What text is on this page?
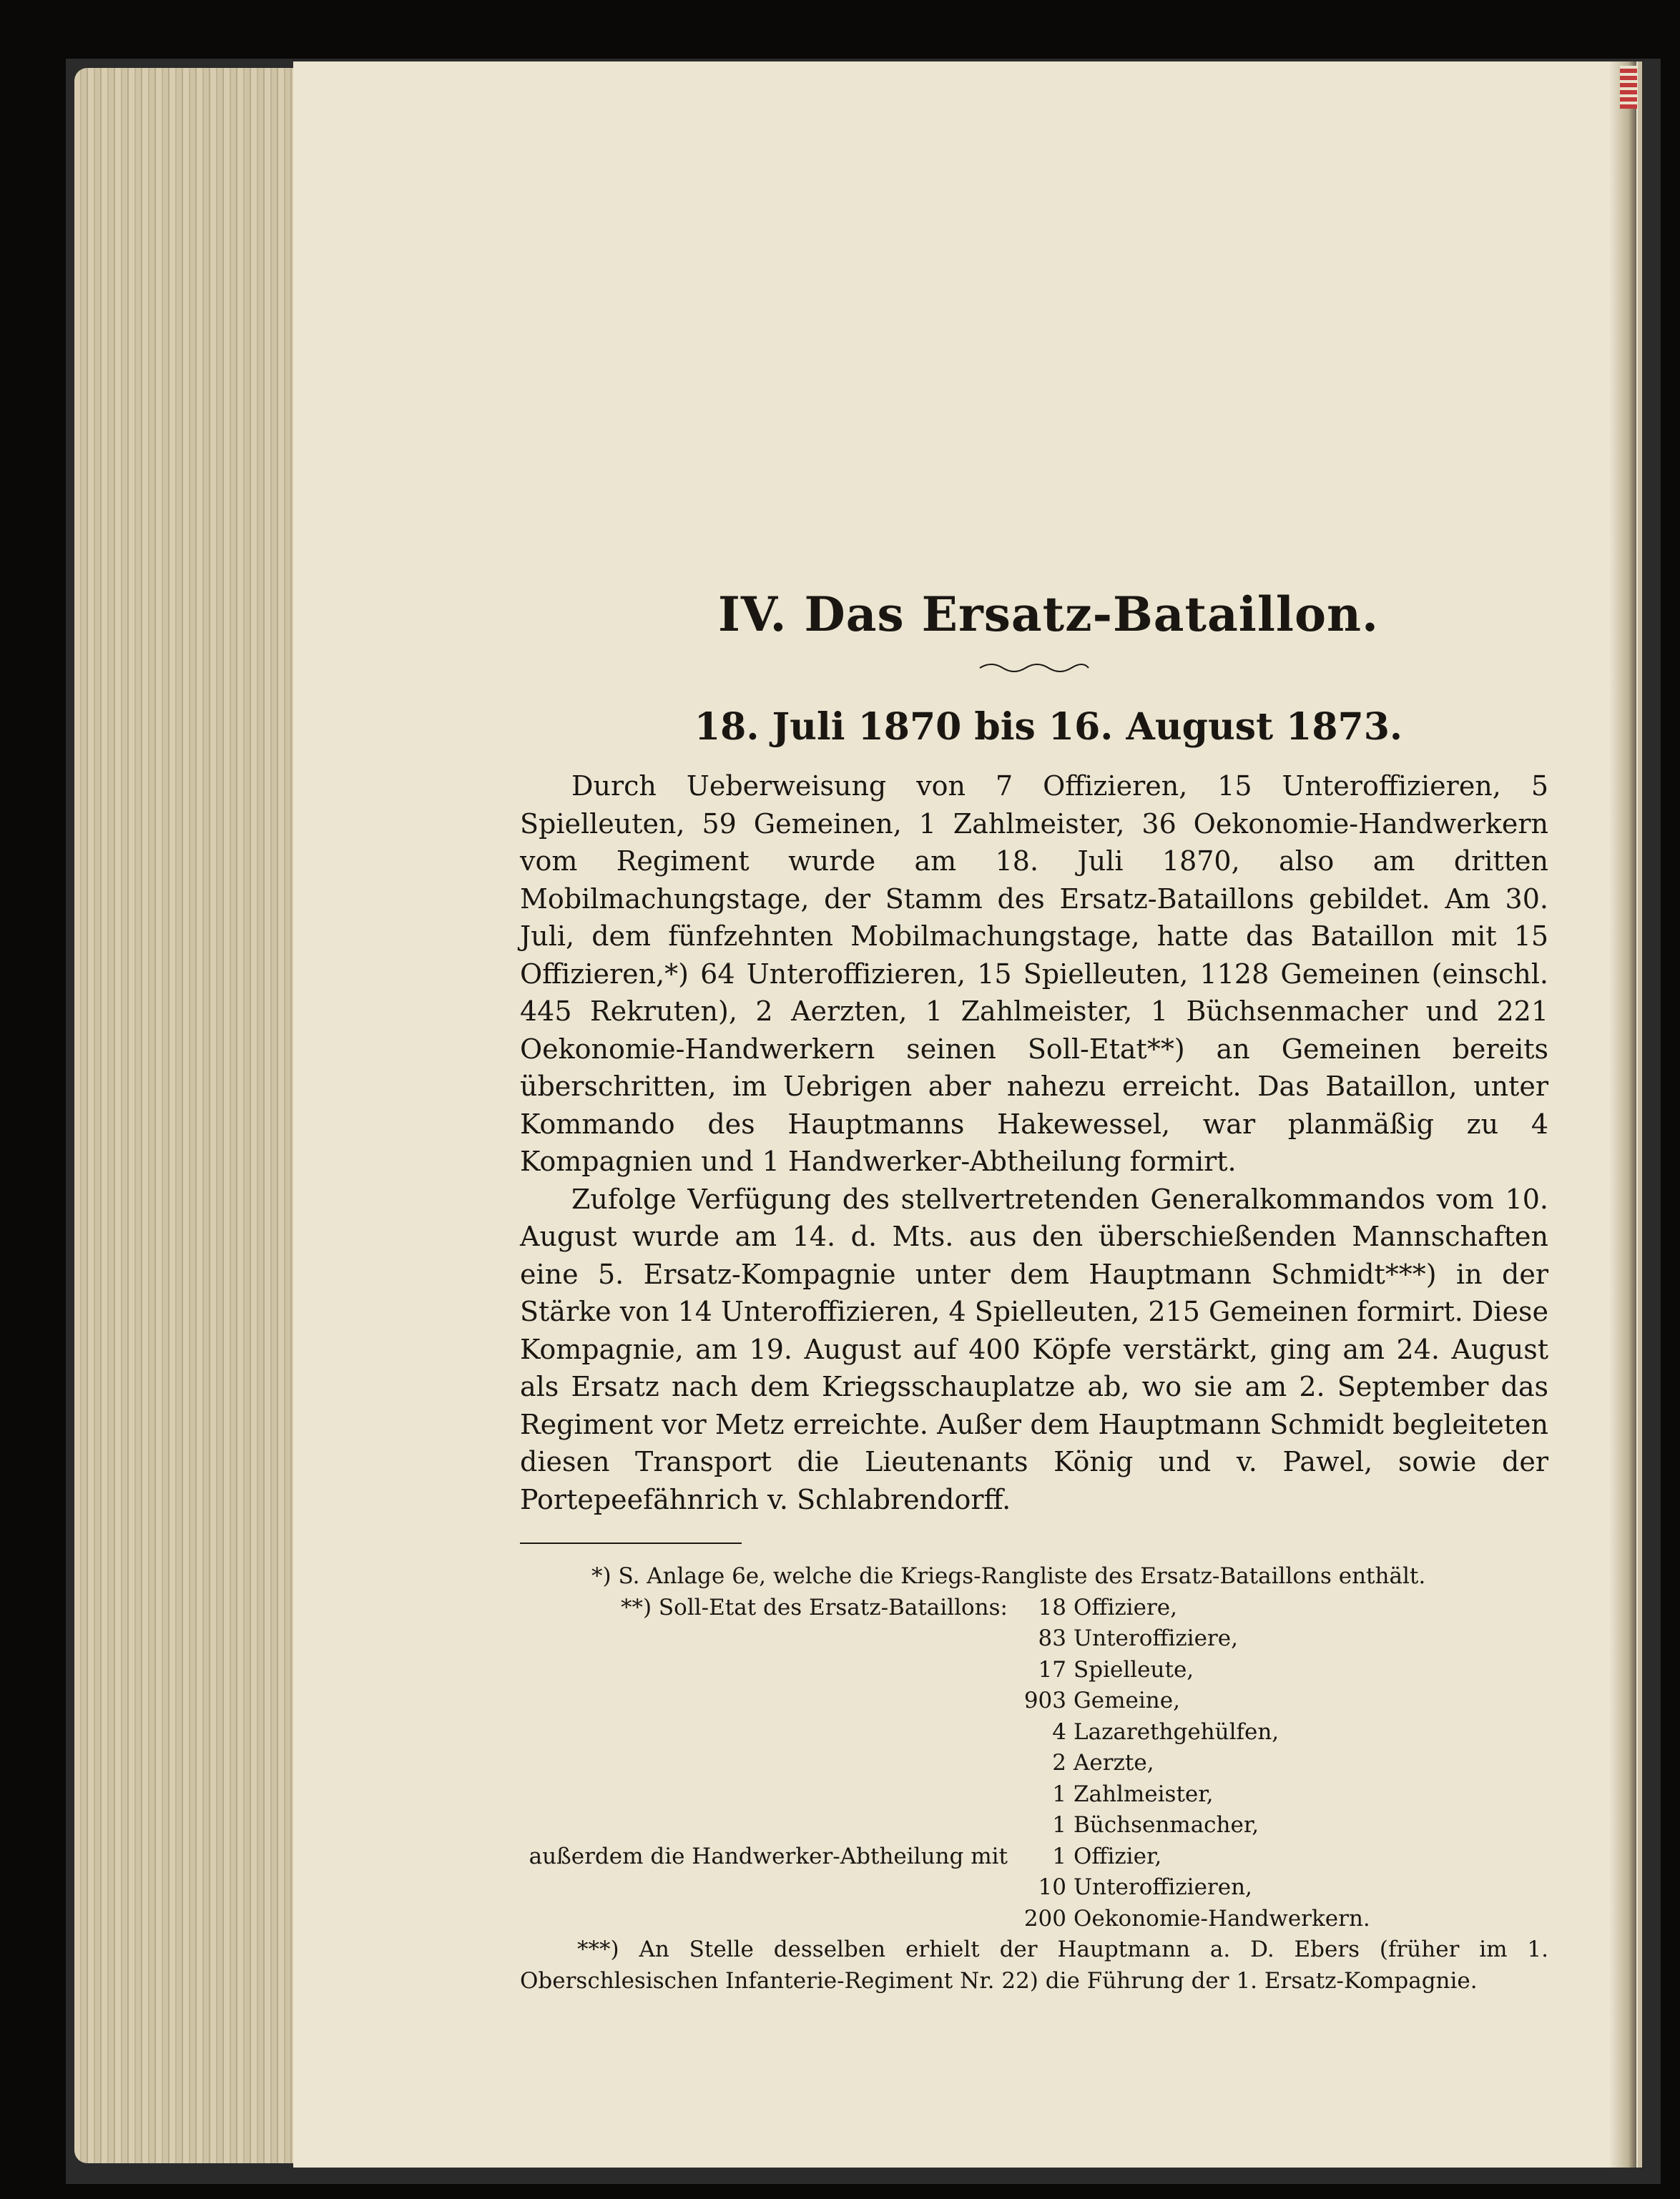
IV. Das Ersatz-Bataillon.
18. Juli 1870 bis 16. August 1873.

Durch Ueberweisung von 7 Offizieren, 15 Unteroffizieren, 5 Spielleuten, 59 Gemeinen, 1 Zahlmeister, 36 Oekonomie-Handwerkern vom Regiment wurde am 18. Juli 1870, also am dritten Mobilmachungstage, der Stamm des Ersatz-Bataillons gebildet. Am 30. Juli, dem fünfzehnten Mobilmachungstage, hatte das Bataillon mit 15 Offizieren,*) 64 Unteroffizieren, 15 Spielleuten, 1128 Gemeinen (einschl. 445 Rekruten), 2 Aerzten, 1 Zahlmeister, 1 Büchsenmacher und 221 Oekonomie-Handwerkern seinen Soll-Etat**) an Gemeinen bereits überschritten, im Uebrigen aber nahezu erreicht. Das Bataillon, unter Kommando des Hauptmanns Hakewessel, war planmäßig zu 4 Kompagnien und 1 Handwerker-Abtheilung formirt.

Zufolge Verfügung des stellvertretenden Generalkommandos vom 10. August wurde am 14. d. Mts. aus den überschießenden Mannschaften eine 5. Ersatz-Kompagnie unter dem Hauptmann Schmidt***) in der Stärke von 14 Unteroffizieren, 4 Spielleuten, 215 Gemeinen formirt. Diese Kompagnie, am 19. August auf 400 Köpfe verstärkt, ging am 24. August als Ersatz nach dem Kriegsschauplatze ab, wo sie am 2. September das Regiment vor Metz erreichte. Außer dem Hauptmann Schmidt begleiteten diesen Transport die Lieutenants König und v. Pawel, sowie der Portepeefähnrich v. Schlabrendorff.

*) S. Anlage 6e, welche die Kriegs-Rangliste des Ersatz-Bataillons enthält.

**) Soll-Etat des Ersatz-Bataillons:	18 Offiziere,
83 Unteroffiziere,
17 Spielleute,
903 Gemeine,
4 Lazarethgehülfen,
2 Aerzte,
1 Zahlmeister,
1 Büchsenmacher,
außerdem die Handwerker-Abtheilung mit	1 Offizier,
10 Unteroffizieren,
200 Oekonomie-Handwerkern.

***) An Stelle desselben erhielt der Hauptmann a. D. Ebers (früher im 1. Oberschlesischen Infanterie-Regiment Nr. 22) die Führung der 1. Ersatz-Kompagnie.
